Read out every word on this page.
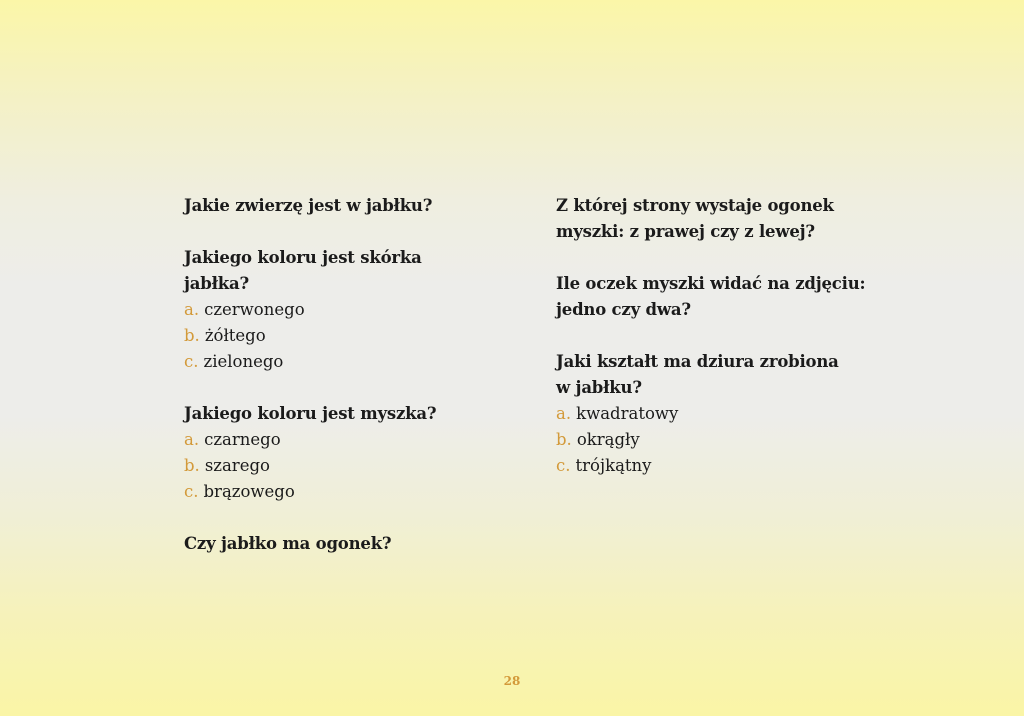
Jakie zwierzę jest w jabłku?
Jakiego koloru jest skórka
jabłka?
a. czerwonego
b. żółtego
c. zielonego
Jakiego koloru jest myszka?
a. czarnego
b. szarego
c. brązowego
Czy jabłko ma ogonek?
Z której strony wystaje ogonek
myszki: z prawej czy z lewej?
Ile oczek myszki widać na zdjęciu:
jedno czy dwa?
Jaki kształt ma dziura zrobiona
w jabłku?
a. kwadratowy
b. okrągły
c. trójkątny
28
